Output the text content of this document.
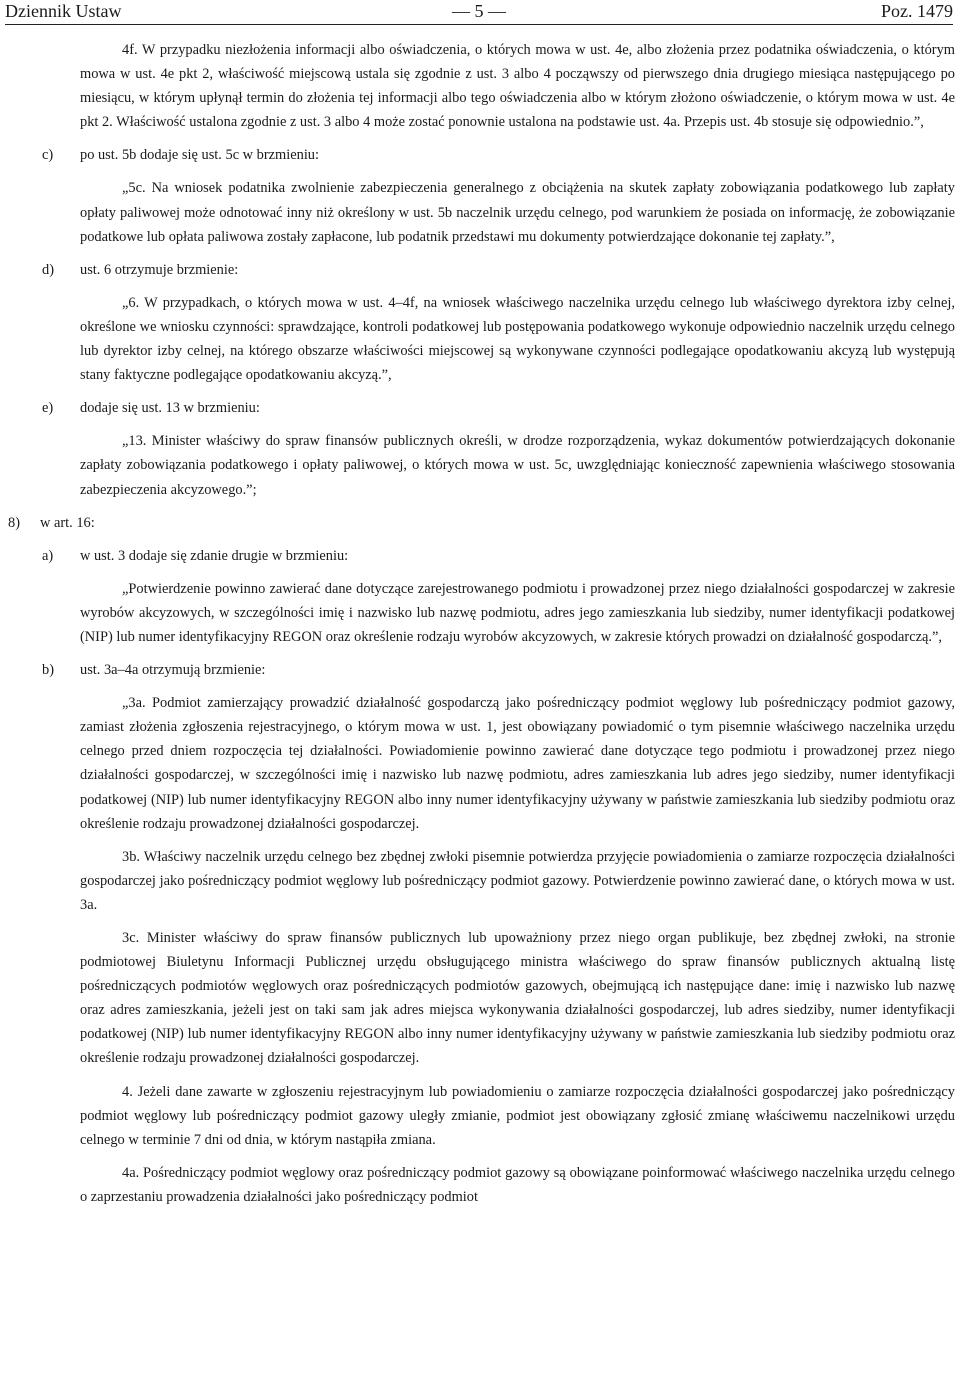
Dziennik Ustaw	— 5 —	Poz. 1479
4f. W przypadku niezłożenia informacji albo oświadczenia, o których mowa w ust. 4e, albo złożenia przez podatnika oświadczenia, o którym mowa w ust. 4e pkt 2, właściwość miejscową ustala się zgodnie z ust. 3 albo 4 począwszy od pierwszego dnia drugiego miesiąca następującego po miesiącu, w którym upłynął termin do złożenia tej informacji albo tego oświadczenia albo w którym złożono oświadczenie, o którym mowa w ust. 4e pkt 2. Właściwość ustalona zgodnie z ust. 3 albo 4 może zostać ponownie ustalona na podstawie ust. 4a. Przepis ust. 4b stosuje się odpowiednio.”,
c)	po ust. 5b dodaje się ust. 5c w brzmieniu:
„5c. Na wniosek podatnika zwolnienie zabezpieczenia generalnego z obciążenia na skutek zapłaty zobowiązania podatkowego lub zapłaty opłaty paliwowej może odnotować inny niż określony w ust. 5b naczelnik urzędu celnego, pod warunkiem że posiada on informację, że zobowiązanie podatkowe lub opłata paliwowa zostały zapłacone, lub podatnik przedstawi mu dokumenty potwierdzające dokonanie tej zapłaty.”,
d)	ust. 6 otrzymuje brzmienie:
„6. W przypadkach, o których mowa w ust. 4–4f, na wniosek właściwego naczelnika urzędu celnego lub właściwego dyrektora izby celnej, określone we wniosku czynności: sprawdzające, kontroli podatkowej lub postępowania podatkowego wykonuje odpowiednio naczelnik urzędu celnego lub dyrektor izby celnej, na którego obszarze właściwości miejscowej są wykonywane czynności podlegające opodatkowaniu akcyzą lub występują stany faktyczne podlegające opodatkowaniu akcyzą.”,
e)	dodaje się ust. 13 w brzmieniu:
„13. Minister właściwy do spraw finansów publicznych określi, w drodze rozporządzenia, wykaz dokumentów potwierdzających dokonanie zapłaty zobowiązania podatkowego i opłaty paliwowej, o których mowa w ust. 5c, uwzględniając konieczność zapewnienia właściwego stosowania zabezpieczenia akcyzowego.”;
8)	w art. 16:
a)	w ust. 3 dodaje się zdanie drugie w brzmieniu:
„Potwierdzenie powinno zawierać dane dotyczące zarejestrowanego podmiotu i prowadzonej przez niego działalności gospodarczej w zakresie wyrobów akcyzowych, w szczególności imię i nazwisko lub nazwę podmiotu, adres jego zamieszkania lub siedziby, numer identyfikacji podatkowej (NIP) lub numer identyfikacyjny REGON oraz określenie rodzaju wyrobów akcyzowych, w zakresie których prowadzi on działalność gospodarczą.”,
b)	ust. 3a–4a otrzymują brzmienie:
„3a. Podmiot zamierzający prowadzić działalność gospodarczą jako pośredniczący podmiot węglowy lub pośredniczący podmiot gazowy, zamiast złożenia zgłoszenia rejestracyjnego, o którym mowa w ust. 1, jest obowiązany powiadomić o tym pisemnie właściwego naczelnika urzędu celnego przed dniem rozpoczęcia tej działalności. Powiadomienie powinno zawierać dane dotyczące tego podmiotu i prowadzonej przez niego działalności gospodarczej, w szczególności imię i nazwisko lub nazwę podmiotu, adres zamieszkania lub adres jego siedziby, numer identyfikacji podatkowej (NIP) lub numer identyfikacyjny REGON albo inny numer identyfikacyjny używany w państwie zamieszkania lub siedziby podmiotu oraz określenie rodzaju prowadzonej działalności gospodarczej.
3b. Właściwy naczelnik urzędu celnego bez zbędnej zwłoki pisemnie potwierdza przyjęcie powiadomienia o zamiarze rozpoczęcia działalności gospodarczej jako pośredniczący podmiot węglowy lub pośredniczący podmiot gazowy. Potwierdzenie powinno zawierać dane, o których mowa w ust. 3a.
3c. Minister właściwy do spraw finansów publicznych lub upoważniony przez niego organ publikuje, bez zbędnej zwłoki, na stronie podmiotowej Biuletynu Informacji Publicznej urzędu obsługującego ministra właściwego do spraw finansów publicznych aktualną listę pośredniczących podmiotów węglowych oraz pośredniczących podmiotów gazowych, obejmującą ich następujące dane: imię i nazwisko lub nazwę oraz adres zamieszkania, jeżeli jest on taki sam jak adres miejsca wykonywania działalności gospodarczej, lub adres siedziby, numer identyfikacji podatkowej (NIP) lub numer identyfikacyjny REGON albo inny numer identyfikacyjny używany w państwie zamieszkania lub siedziby podmiotu oraz określenie rodzaju prowadzonej działalności gospodarczej.
4. Jeżeli dane zawarte w zgłoszeniu rejestracyjnym lub powiadomieniu o zamiarze rozpoczęcia działalności gospodarczej jako pośredniczący podmiot węglowy lub pośredniczący podmiot gazowy uległy zmianie, podmiot jest obowiązany zgłosić zmianę właściwemu naczelnikowi urzędu celnego w terminie 7 dni od dnia, w którym nastąpiła zmiana.
4a. Pośredniczący podmiot węglowy oraz pośredniczący podmiot gazowy są obowiązane poinformować właściwego naczelnika urzędu celnego o zaprzestaniu prowadzenia działalności jako pośredniczący podmiot
